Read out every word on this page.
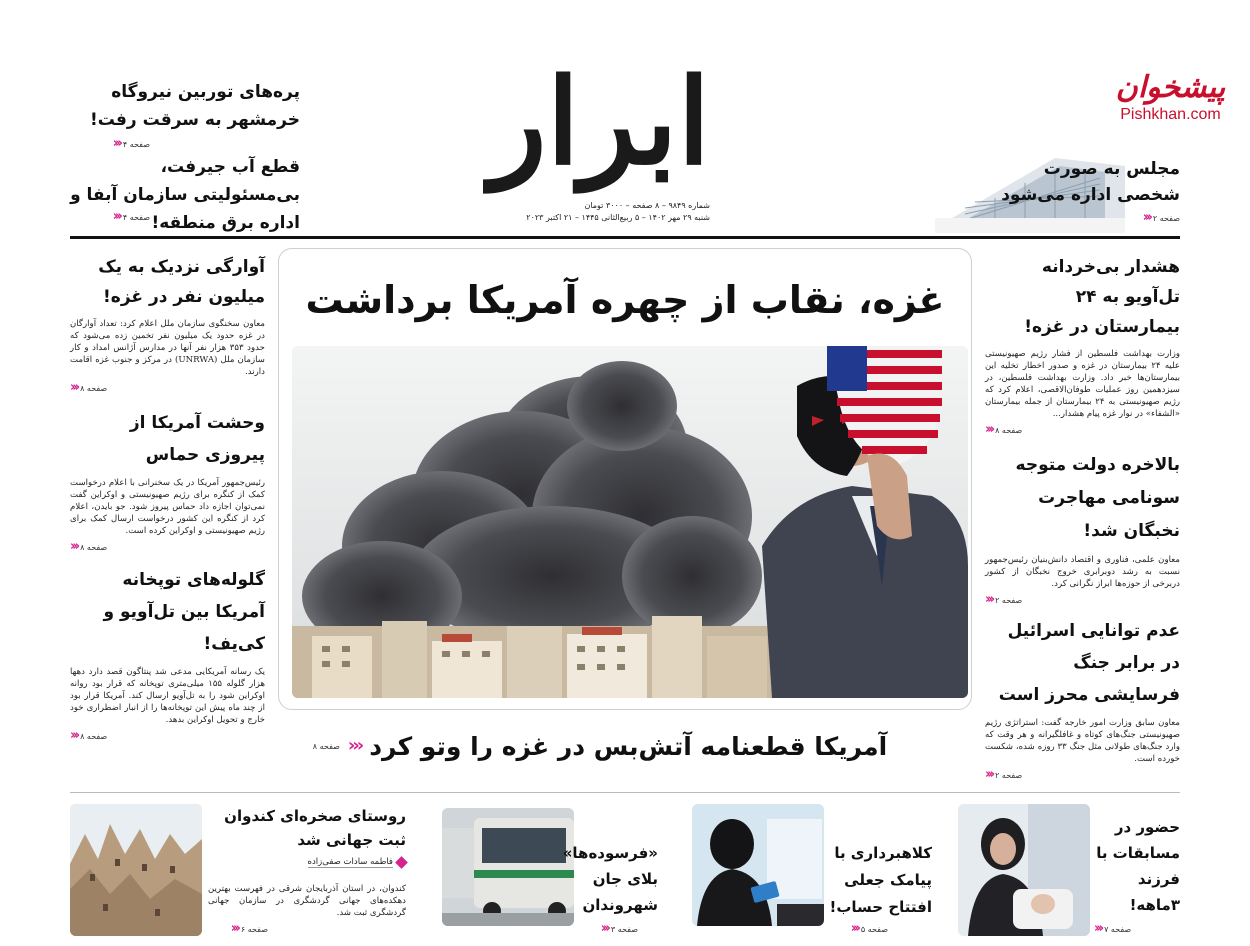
ابرار
شماره ۹۸۴۹ – ۸ صفحه – ۳۰۰۰ تومان
شنبه ۲۹ مهر ۱۴۰۲ – ۵ ربیع‌الثانی ۱۴۴۵ – ۲۱ اکتبر ۲۰۲۳
پیشخوان
Pishkhan.com
مجلس به صورت شخصی اداره می‌شود
صفحه ۲
‹‹‹
پره‌های توربین نیروگاه خرمشهر به سرقت رفت!
صفحه ۴
‹‹‹
قطع آب جیرفت، بی‌مسئولیتی سازمان آبفا و اداره برق منطقه!
صفحه ۴
‹‹‹
غزه، نقاب از چهره آمریکا برداشت
آمریکا قطعنامه آتش‌بس در غزه را وتو کرد
‹‹‹
صفحه ۸
هشدار بی‌خردانه تل‌آویو به ۲۴ بیمارستان در غزه!
وزارت بهداشت فلسطین از فشار رژیم صهیونیستی علیه ۲۴ بیمارستان در غزه و صدور اخطار تخلیه این بیمارستان‌ها خبر داد. وزارت بهداشت فلسطین، در سیزدهمین روز عملیات طوفان‌الاقصی، اعلام کرد که رژیم صهیونیستی به ۲۴ بیمارستان از جمله بیمارستان «الشفاء» در نوار غزه پیام هشدار...
صفحه ۸
‹‹‹
بالاخره دولت متوجه سونامی مهاجرت نخبگان شد!
معاون علمی، فناوری و اقتصاد دانش‌بنیان رئیس‌جمهور نسبت به رشد دوبرابری خروج نخبگان از کشور دربرخی از حوزه‌ها ابراز نگرانی کرد.
صفحه ۲
‹‹‹
عدم توانایی اسرائیل در برابر جنگ فرسایشی محرز است
معاون سابق وزارت امور خارجه گفت: استراتژی رژیم صهیونیستی جنگ‌های کوتاه و غافلگیرانه و هر وقت که وارد جنگ‌های طولانی مثل جنگ ۳۳ روزه شده، شکست خورده است.
صفحه ۲
‹‹‹
آوارگی نزدیک به یک میلیون نفر در غزه!
معاون سخنگوی سازمان ملل اعلام کرد: تعداد آوارگان در غزه حدود یک میلیون نفر تخمین زده می‌شود که حدود ۳۵۳ هزار نفر آنها در مدارس آژانس امداد و کار سازمان ملل (UNRWA) در مرکز و جنوب غزه اقامت دارند.
صفحه ۸
‹‹‹
وحشت آمریکا از پیروزی حماس
رئیس‌جمهور آمریکا در یک سخنرانی با اعلام درخواست کمک از کنگره برای رژیم صهیونیستی و اوکراین گفت نمی‌توان اجازه داد حماس پیروز شود. جو بایدن، اعلام کرد از کنگره این کشور درخواست ارسال کمک برای رژیم صهیونیستی و اوکراین کرده است.
صفحه ۸
‹‹‹
گلوله‌های توپخانه آمریکا بین تل‌آویو و کی‌یف!
یک رسانه آمریکایی مدعی شد پنتاگون قصد دارد دهها هزار گلوله ۱۵۵ میلی‌متری توپخانه که قرار بود روانه اوکراین شود را به تل‌آویو ارسال کند. آمریکا قرار بود از چند ماه پیش این توپخانه‌ها را از انبار اضطراری خود خارج و تحویل اوکراین بدهد.
صفحه ۸
‹‹‹
حضور در مسابقات با فرزند ۳ماهه!
صفحه ۷
‹‹‹
کلاهبرداری با پیامک جعلی افتتاح حساب!
صفحه ۵
‹‹‹
«فرسوده‌ها» بلای جان شهروندان
صفحه ۳
‹‹‹
روستای صخره‌ای کندوان ثبت جهانی شد
فاطمه سادات صفی‌زاده
کندوان، در استان آذربایجان شرقی در فهرست بهترین دهکده‌های جهانی گردشگری در سازمان جهانی گردشگری ثبت شد.
صفحه ۶
‹‹‹
